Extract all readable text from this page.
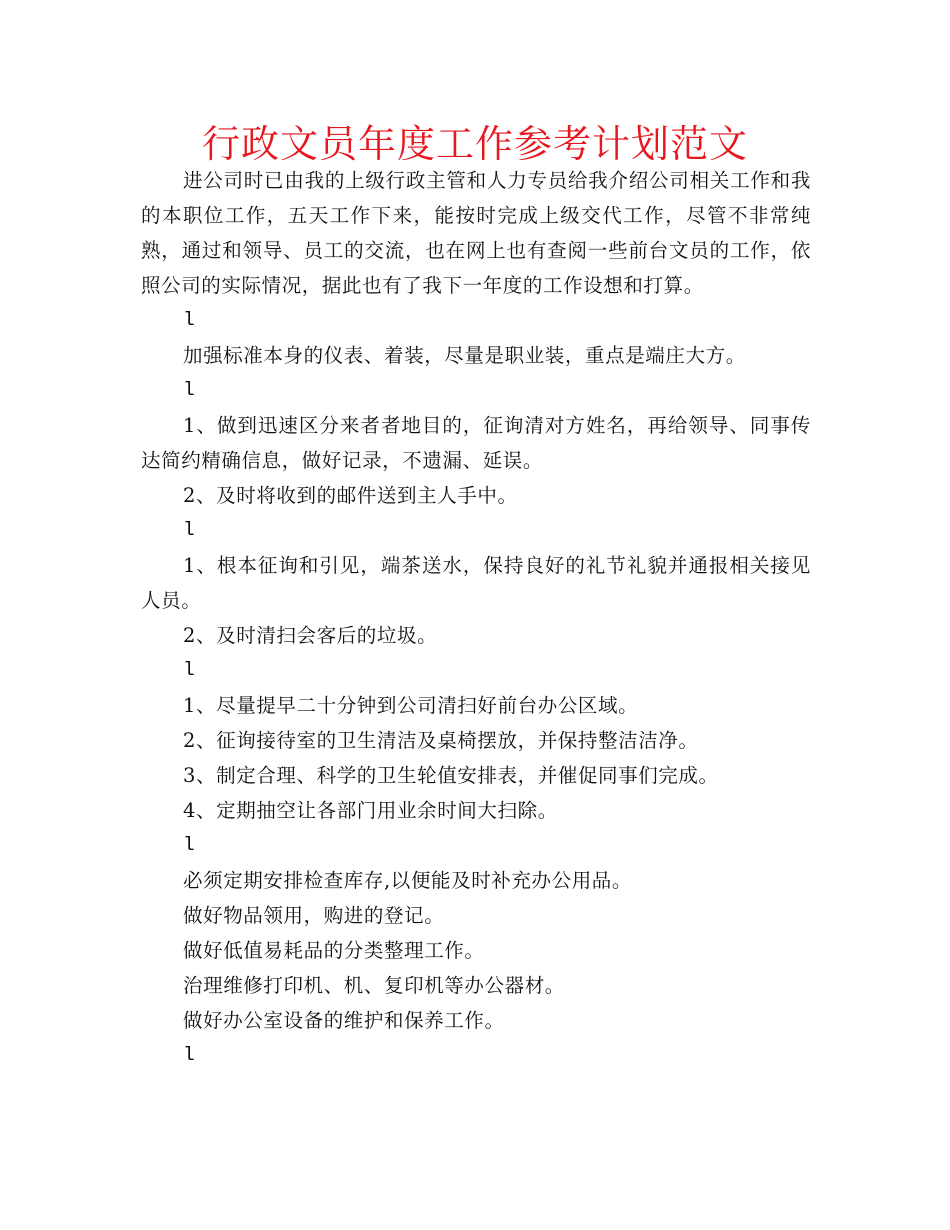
行政文员年度工作参考计划范文

进公司时已由我的上级行政主管和人力专员给我介绍公司相关工作和我的本职位工作，五天工作下来，能按时完成上级交代工作，尽管不非常纯熟，通过和领导、员工的交流，也在网上也有查阅一些前台文员的工作，依照公司的实际情况，据此也有了我下一年度的工作设想和打算。

l

加强标准本身的仪表、着装，尽量是职业装，重点是端庄大方。

l

1、做到迅速区分来者者地目的，征询清对方姓名，再给领导、同事传达简约精确信息，做好记录，不遗漏、延误。

2、及时将收到的邮件送到主人手中。

l

1、根本征询和引见，端茶送水，保持良好的礼节礼貌并通报相关接见人员。

2、及时清扫会客后的垃圾。

l

1、尽量提早二十分钟到公司清扫好前台办公区域。

2、征询接待室的卫生清洁及桌椅摆放，并保持整洁洁净。

3、制定合理、科学的卫生轮值安排表，并催促同事们完成。

4、定期抽空让各部门用业余时间大扫除。

l

必须定期安排检查库存,以便能及时补充办公用品。

做好物品领用，购进的登记。

做好低值易耗品的分类整理工作。

治理维修打印机、机、复印机等办公器材。

做好办公室设备的维护和保养工作。

l
